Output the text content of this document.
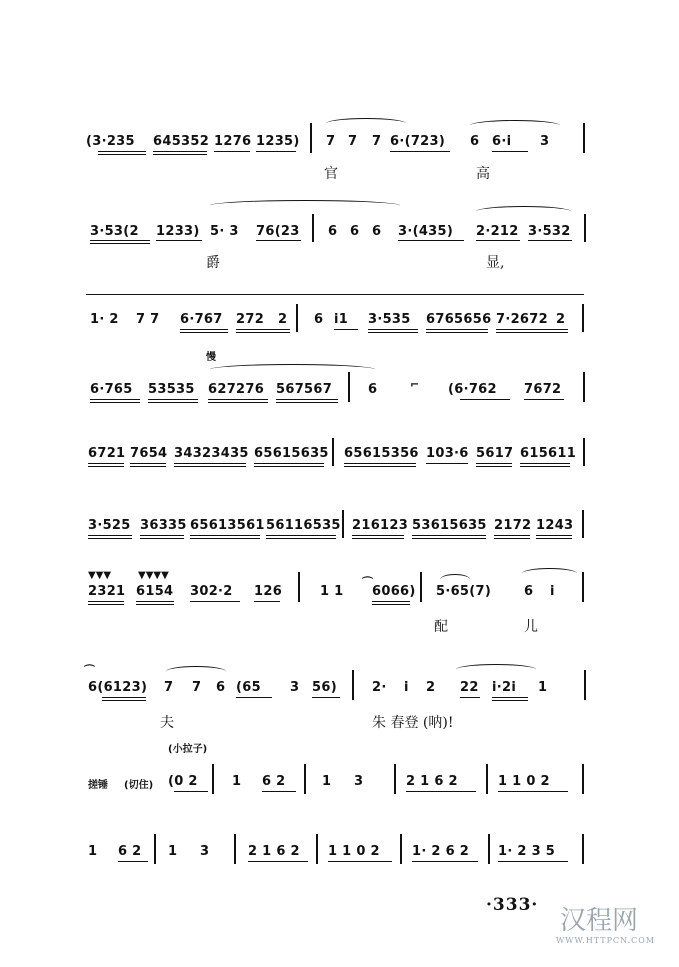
(3·235 645352 1276 1235) 7 7 7 6·(723) 6 6·i 3
官	高
3·53(2 1233) 5· 3 76(23 6 6 6 3·(435) 2·212 3·532
爵	显,
1· 2 7 7 6·767 272 2 6 i1 3·535 6765656 7·2672 2
慢
6·765 53535 627276 567567	6	⌐ (6·762 7672
6721 7654 34323435 65615635 65615356 103·6 5617 615611
3·525 36335 65613561 56116535 216123 53615635 2172 1243
▼▼▼	▼▼▼▼
2321 6154 302·2 126	1 1
⌒
6066) 5·65(7)	6 i
配	儿
⌒
6(6123) 7 7 6 (65 3 56)	2· i 2 22 i·2i 1
夫	朱 春登 (呐)!
(小拉子)
搓锤 (切住) (0 2	1 6 2	1 3	2 1 6 2	1 1 0 2
1 6 2 1 3	2 1 6 2 1 1 0 2 1· 2 6 2 1· 2 3 5
·333·
汉程网
WWW.HTTPCN.COM
